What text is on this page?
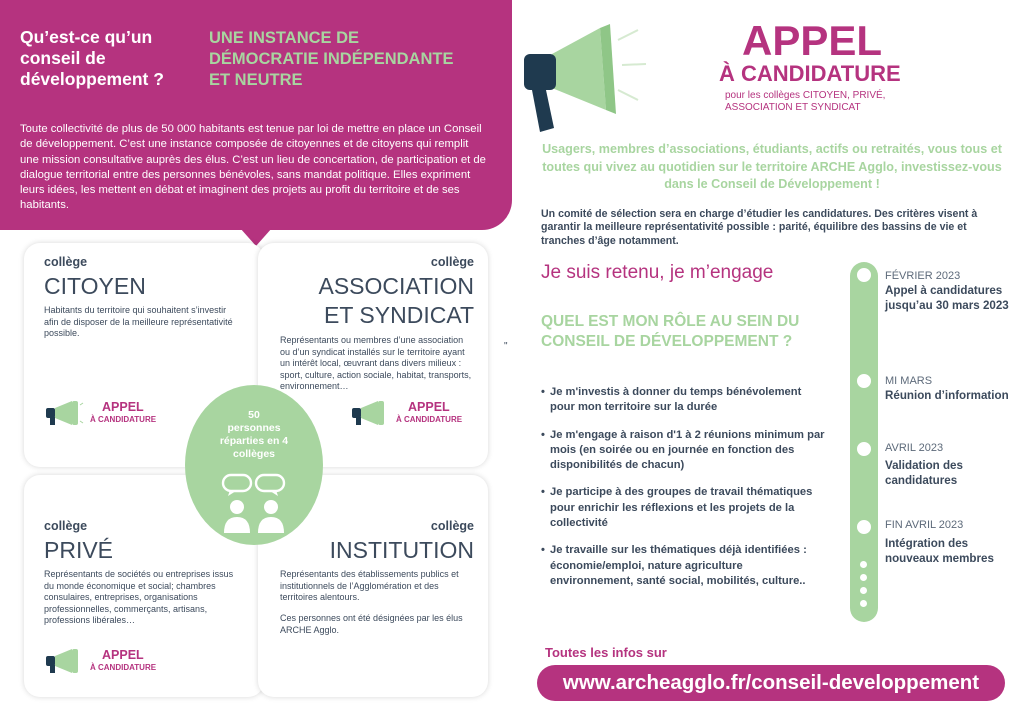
Qu’est-ce qu’un conseil de développement ?
UNE INSTANCE DE DÉMOCRATIE INDÉPENDANTE ET NEUTRE
Toute collectivité de plus de 50 000 habitants est tenue par loi de mettre en place un Conseil de développement. C’est une instance composée de citoyennes et de citoyens qui remplit une mission consultative auprès des élus. C’est un lieu de concertation, de participation et de dialogue territorial entre des personnes bénévoles, sans mandat politique. Elles expriment leurs idées, les mettent en débat et imaginent des projets au profit du territoire et de ses habitants.
collège
CITOYEN
Habitants du territoire qui souhaitent s’investir afin de disposer de la meilleure représentativité possible.
APPEL
À CANDIDATURE
collège
ASSOCIATION
ET SYNDICAT
Représentants ou membres d’une association ou d’un syndicat installés sur le territoire ayant un intérêt local, œuvrant dans divers milieux : sport, culture, action sociale, habitat, transports, environnement…
APPEL
À CANDIDATURE
collège
PRIVÉ
Représentants de sociétés ou entreprises issus du monde économique et social; chambres consulaires, entreprises, organisations professionnelles, commerçants, artisans, professions libérales…
APPEL
À CANDIDATURE
collège
INSTITUTION
Représentants des établissements publics et institutionnels de l’Agglomération et des territoires alentours.
Ces personnes ont été désignées par les élus ARCHE Agglo.
50
personnes réparties en 4 collèges
"
APPEL
À CANDIDATURE
pour les collèges CITOYEN, PRIVÉ, ASSOCIATION ET SYNDICAT
Usagers, membres d’associations, étudiants, actifs ou retraités, vous tous et toutes qui vivez au quotidien sur le territoire ARCHE Agglo, investissez-vous dans le Conseil de Développement !
Un comité de sélection sera en charge d’étudier les candidatures. Des critères visent à garantir la meilleure représentativité possible : parité, équilibre des bassins de vie et tranches d’âge notamment.
Je suis retenu, je m’engage
QUEL EST MON RÔLE AU SEIN DU CONSEIL DE DÉVELOPPEMENT ?
• Je m'investis à donner du temps bénévolement pour mon territoire sur la durée
• Je m'engage à raison d'1 à 2 réunions minimum par mois (en soirée ou en journée en fonction des disponibilités de chacun)
• Je participe à des groupes de travail thématiques pour enrichir les réflexions et les projets de la collectivité
• Je travaille sur les thématiques déjà identifiées : économie/emploi, nature agriculture environnement, santé social, mobilités, culture..
FÉVRIER 2023
Appel à candidatures jusqu’au 30 mars 2023
MI MARS
Réunion d’information
AVRIL 2023
Validation des candidatures
FIN AVRIL 2023
Intégration des nouveaux membres
Toutes les infos sur
www.archeagglo.fr/conseil-developpement
